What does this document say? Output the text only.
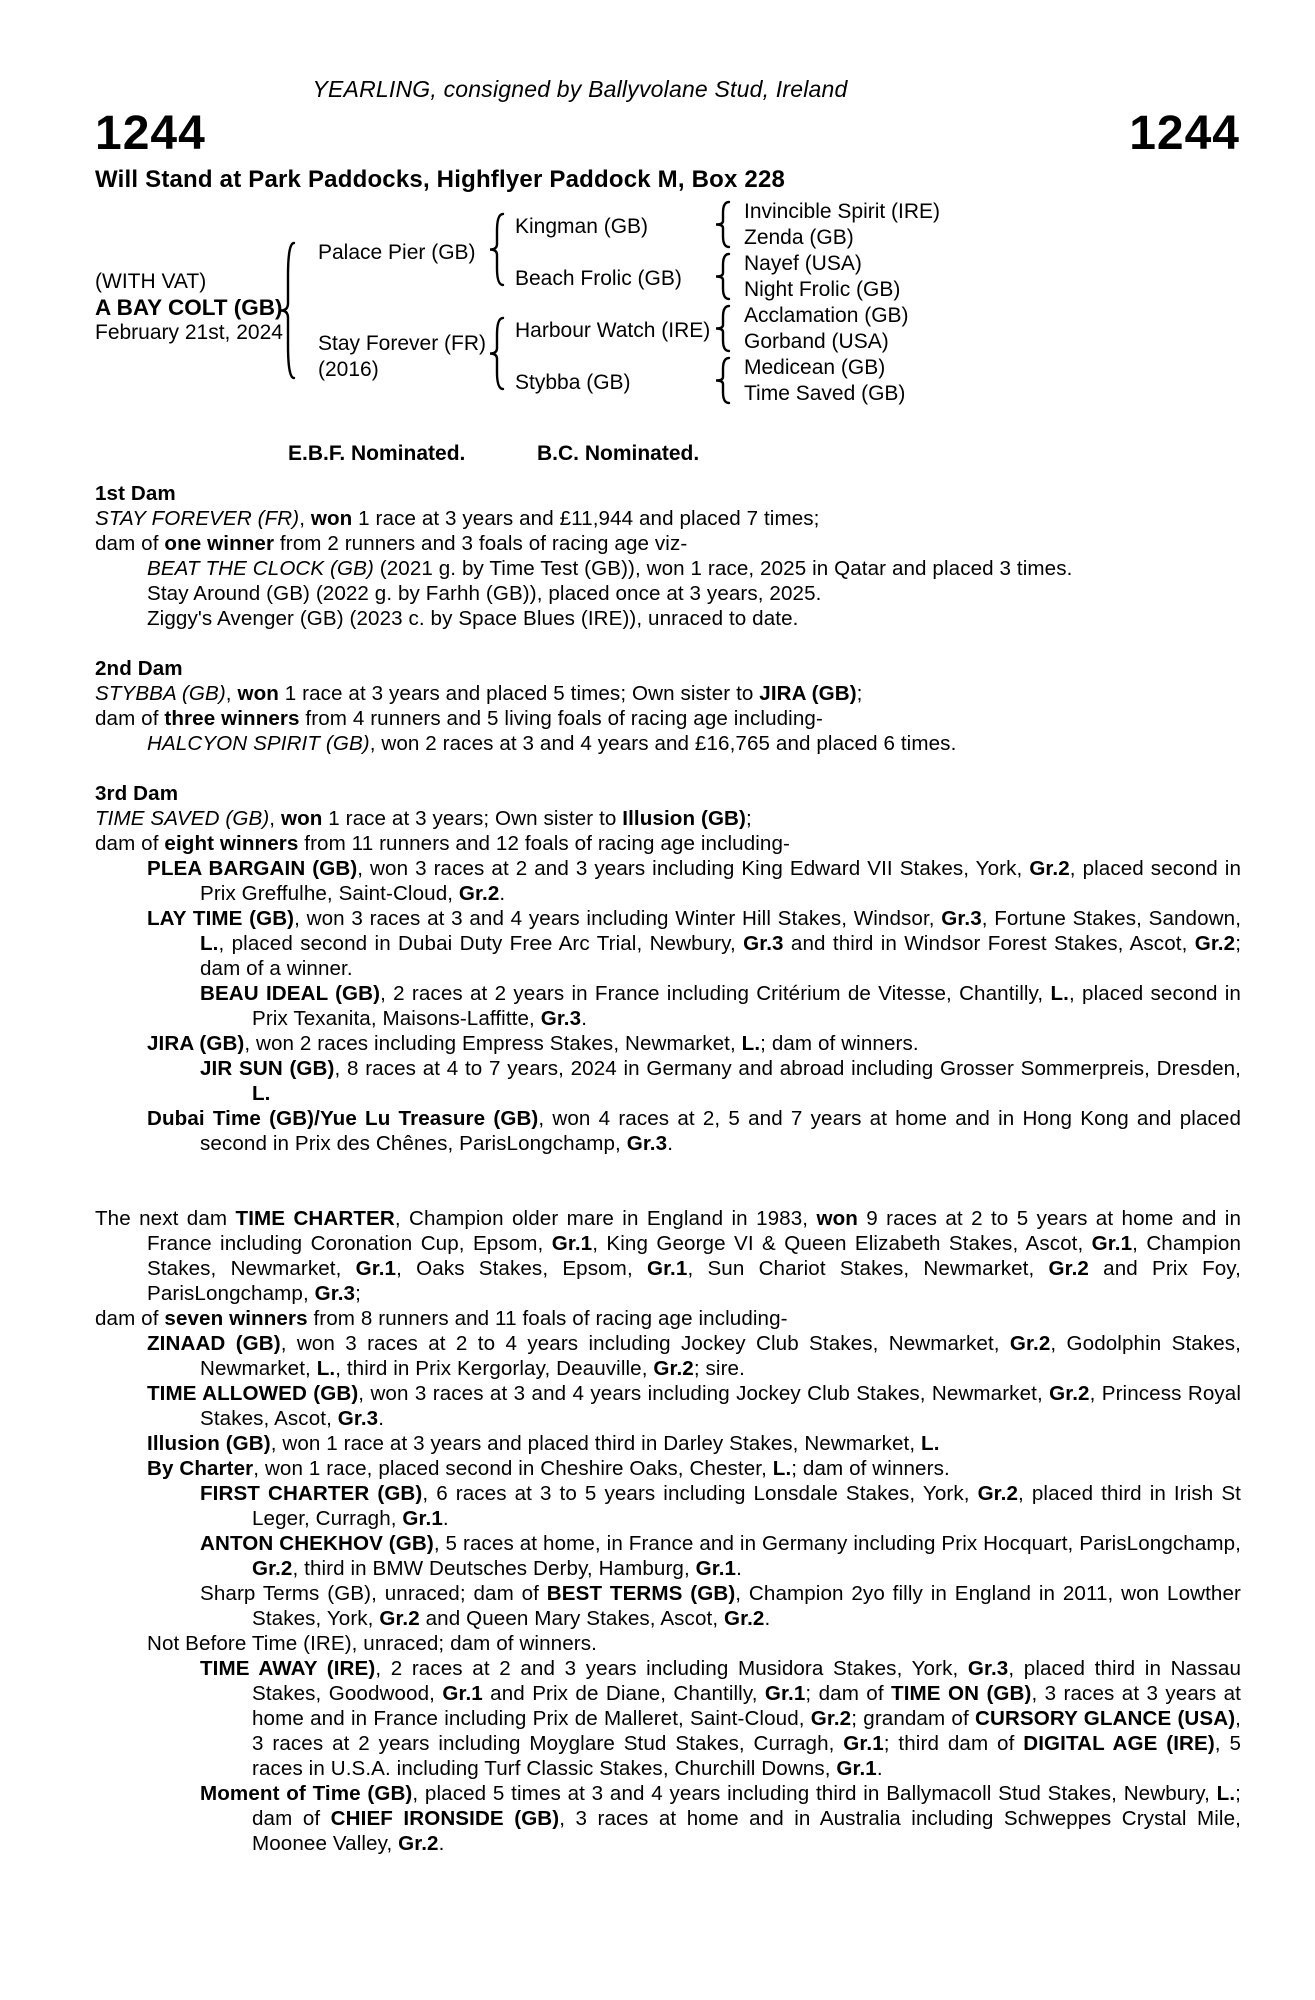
YEARLING, consigned by Ballyvolane Stud, Ireland
1244	1244
Will Stand at Park Paddocks, Highflyer Paddock M, Box 228
(WITH VAT)
A BAY COLT (GB)
February 21st, 2024
Palace Pier (GB)
Stay Forever (FR)
(2016)
Kingman (GB)
Beach Frolic (GB)
Harbour Watch (IRE)
Stybba (GB)
Invincible Spirit (IRE)
Zenda (GB)
Nayef (USA)
Night Frolic (GB)
Acclamation (GB)
Gorband (USA)
Medicean (GB)
Time Saved (GB)
E.B.F. Nominated.	B.C. Nominated.
1st Dam

STAY FOREVER (FR), won 1 race at 3 years and £11,944 and placed 7 times;

dam of one winner from 2 runners and 3 foals of racing age viz-

BEAT THE CLOCK (GB) (2021 g. by Time Test (GB)), won 1 race, 2025 in Qatar and placed 3 times.

Stay Around (GB) (2022 g. by Farhh (GB)), placed once at 3 years, 2025.

Ziggy's Avenger (GB) (2023 c. by Space Blues (IRE)), unraced to date.

2nd Dam

STYBBA (GB), won 1 race at 3 years and placed 5 times; Own sister to JIRA (GB);

dam of three winners from 4 runners and 5 living foals of racing age including-

HALCYON SPIRIT (GB), won 2 races at 3 and 4 years and £16,765 and placed 6 times.

3rd Dam

TIME SAVED (GB), won 1 race at 3 years; Own sister to Illusion (GB);

dam of eight winners from 11 runners and 12 foals of racing age including-

PLEA BARGAIN (GB), won 3 races at 2 and 3 years including King Edward VII Stakes, York, Gr.2, placed second in Prix Greffulhe, Saint-Cloud, Gr.2.

LAY TIME (GB), won 3 races at 3 and 4 years including Winter Hill Stakes, Windsor, Gr.3, Fortune Stakes, Sandown, L., placed second in Dubai Duty Free Arc Trial, Newbury, Gr.3 and third in Windsor Forest Stakes, Ascot, Gr.2; dam of a winner.

BEAU IDEAL (GB), 2 races at 2 years in France including Critérium de Vitesse, Chantilly, L., placed second in Prix Texanita, Maisons-Laffitte, Gr.3.

JIRA (GB), won 2 races including Empress Stakes, Newmarket, L.; dam of winners.

JIR SUN (GB), 8 races at 4 to 7 years, 2024 in Germany and abroad including Grosser Sommerpreis, Dresden, L.

Dubai Time (GB)/Yue Lu Treasure (GB), won 4 races at 2, 5 and 7 years at home and in Hong Kong and placed second in Prix des Chênes, ParisLongchamp, Gr.3.

The next dam TIME CHARTER, Champion older mare in England in 1983, won 9 races at 2 to 5 years at home and in France including Coronation Cup, Epsom, Gr.1, King George VI & Queen Elizabeth Stakes, Ascot, Gr.1, Champion Stakes, Newmarket, Gr.1, Oaks Stakes, Epsom, Gr.1, Sun Chariot Stakes, Newmarket, Gr.2 and Prix Foy, ParisLongchamp, Gr.3;

dam of seven winners from 8 runners and 11 foals of racing age including-

ZINAAD (GB), won 3 races at 2 to 4 years including Jockey Club Stakes, Newmarket, Gr.2, Godolphin Stakes, Newmarket, L., third in Prix Kergorlay, Deauville, Gr.2; sire.

TIME ALLOWED (GB), won 3 races at 3 and 4 years including Jockey Club Stakes, Newmarket, Gr.2, Princess Royal Stakes, Ascot, Gr.3.

Illusion (GB), won 1 race at 3 years and placed third in Darley Stakes, Newmarket, L.

By Charter, won 1 race, placed second in Cheshire Oaks, Chester, L.; dam of winners.

FIRST CHARTER (GB), 6 races at 3 to 5 years including Lonsdale Stakes, York, Gr.2, placed third in Irish St Leger, Curragh, Gr.1.

ANTON CHEKHOV (GB), 5 races at home, in France and in Germany including Prix Hocquart, ParisLongchamp, Gr.2, third in BMW Deutsches Derby, Hamburg, Gr.1.

Sharp Terms (GB), unraced; dam of BEST TERMS (GB), Champion 2yo filly in England in 2011, won Lowther Stakes, York, Gr.2 and Queen Mary Stakes, Ascot, Gr.2.

Not Before Time (IRE), unraced; dam of winners.

TIME AWAY (IRE), 2 races at 2 and 3 years including Musidora Stakes, York, Gr.3, placed third in Nassau Stakes, Goodwood, Gr.1 and Prix de Diane, Chantilly, Gr.1; dam of TIME ON (GB), 3 races at 3 years at home and in France including Prix de Malleret, Saint-Cloud, Gr.2; grandam of CURSORY GLANCE (USA), 3 races at 2 years including Moyglare Stud Stakes, Curragh, Gr.1; third dam of DIGITAL AGE (IRE), 5 races in U.S.A. including Turf Classic Stakes, Churchill Downs, Gr.1.

Moment of Time (GB), placed 5 times at 3 and 4 years including third in Ballymacoll Stud Stakes, Newbury, L.; dam of CHIEF IRONSIDE (GB), 3 races at home and in Australia including Schweppes Crystal Mile, Moonee Valley, Gr.2.
